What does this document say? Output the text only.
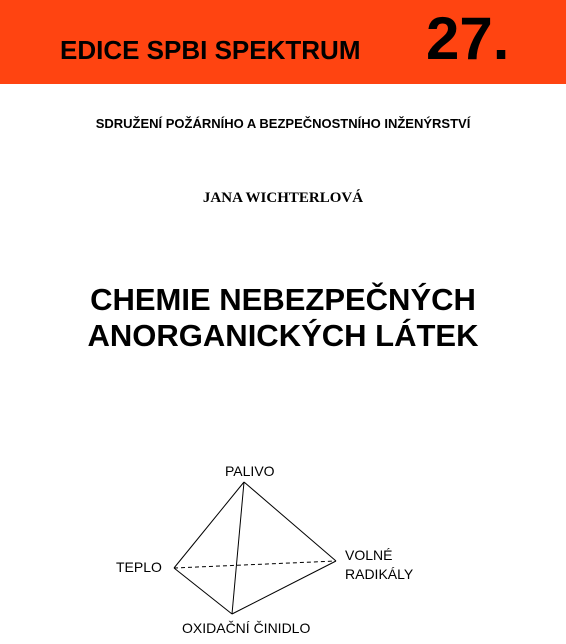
EDICE SPBI SPEKTRUM 27.
SDRUŽENÍ POŽÁRNÍHO A BEZPEČNOSTNÍHO INŽENÝRSTVÍ
JANA WICHTERLOVÁ
CHEMIE NEBEZPEČNÝCH
ANORGANICKÝCH LÁTEK
PALIVO
TEPLO
VOLNÉ
RADIKÁLY
OXIDAČNÍ ČINIDLO
